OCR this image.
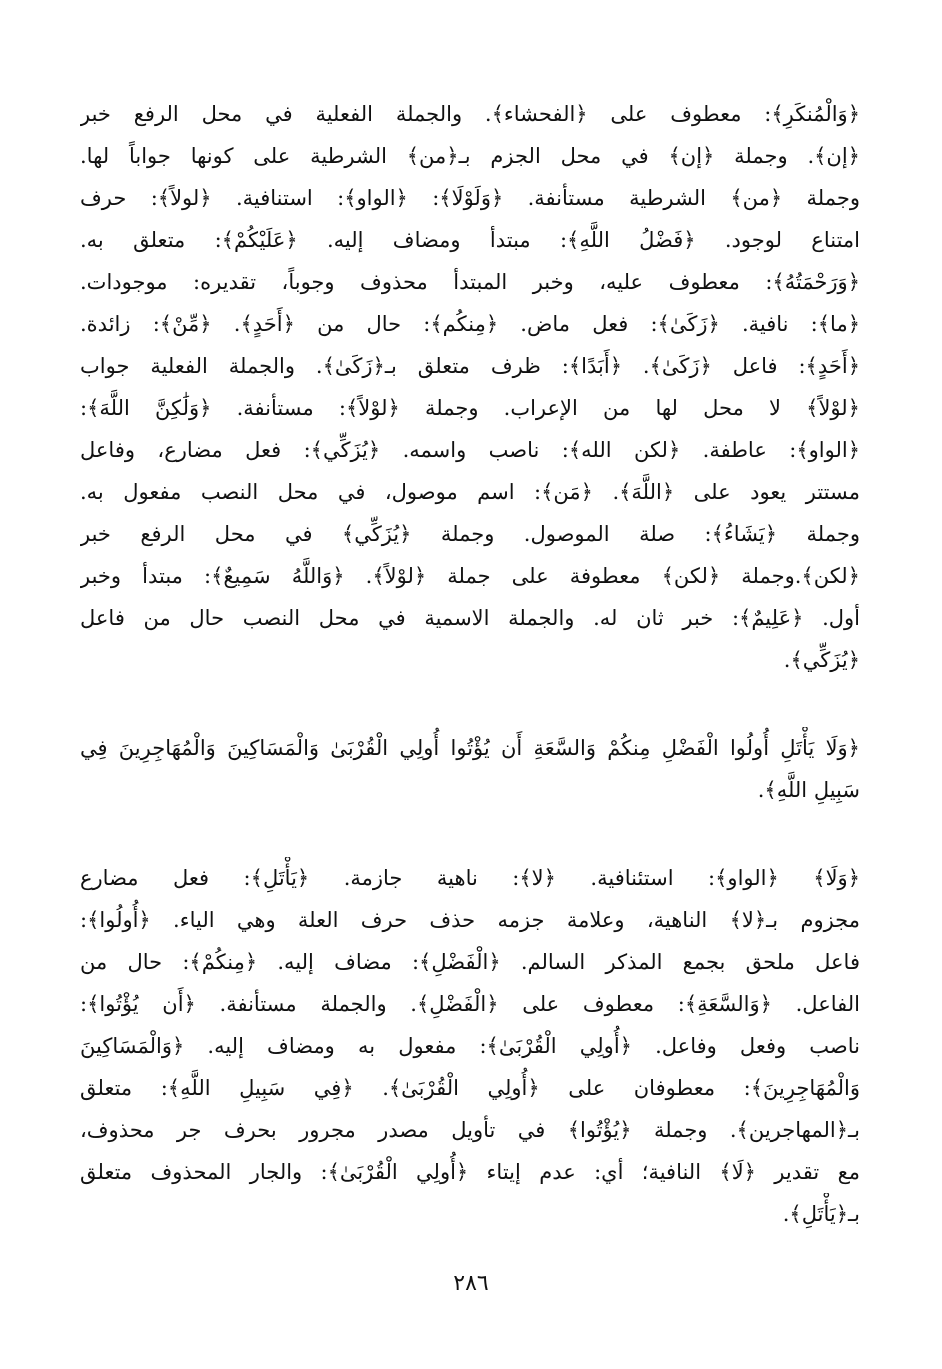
﴿وَالْمُنكَرِ﴾: معطوف على ﴿الفحشاء﴾. والجملة الفعلية في محل الرفع خبر
﴿إن﴾. وجملة ﴿إن﴾ في محل الجزم بـ﴿من﴾ الشرطية على كونها جواباً لها.
وجملة ﴿من﴾ الشرطية مستأنفة. ﴿وَلَوْلَا﴾: ﴿الواو﴾: استنافية. ﴿لولاً﴾: حرف
امتناع لوجود. ﴿فَضْلُ اللَّهِ﴾: مبتدأ ومضاف إليه. ﴿عَلَيْكُمْ﴾: متعلق به.
﴿وَرَحْمَتُهُ﴾: معطوف عليه، وخبر المبتدأ محذوف وجوباً، تقديره: موجودات.
﴿ما﴾: نافية. ﴿زَكَىٰ﴾: فعل ماض. ﴿مِنكُم﴾: حال من ﴿أَحَدٍ﴾. ﴿مِّنْ﴾: زائدة.
﴿أَحَدٍ﴾: فاعل ﴿زَكَىٰ﴾. ﴿أَبَدًا﴾: ظرف متعلق بـ﴿زَكَىٰ﴾. والجملة الفعلية جواب
﴿لوْلاً﴾ لا محل لها من الإعراب. وجملة ﴿لوْلاً﴾: مستأنفة. ﴿وَلَٰكِنَّ اللَّهَ﴾:
﴿الواو﴾: عاطفة. ﴿لكن الله﴾: ناصب واسمه. ﴿يُزَكِّي﴾: فعل مضارع، وفاعل
مستتر يعود على ﴿اللَّهَ﴾. ﴿مَن﴾: اسم موصول، في محل النصب مفعول به.
وجملة ﴿يَشَاءُ﴾: صلة الموصول. وجملة ﴿يُزَكِّي﴾ في محل الرفع خبر
﴿لكن﴾.وجملة ﴿لكن﴾ معطوفة على جملة ﴿لوْلاً﴾. ﴿وَاللَّهُ سَمِيعٌ﴾: مبتدأ وخبر
أول. ﴿عَلِيمٌ﴾: خبر ثان له. والجملة الاسمية في محل النصب حال من فاعل
﴿يُزَكِّي﴾.
﴿وَلَا يَأْتَلِ أُولُوا الْفَضْلِ مِنكُمْ وَالسَّعَةِ أَن يُؤْتُوا أُولِي الْقُرْبَىٰ وَالْمَسَاكِينَ وَالْمُهَاجِرِينَ فِي
سَبِيلِ اللَّهِ﴾.
﴿وَلَا﴾ ﴿الواو﴾: استئنافية. ﴿لا﴾: ناهية جازمة. ﴿يَأْتَلِ﴾: فعل مضارع
مجزوم بـ﴿لا﴾ الناهية، وعلامة جزمه حذف حرف العلة وهي الياء. ﴿أُولُوا﴾:
فاعل ملحق بجمع المذكر السالم. ﴿الْفَضْلِ﴾: مضاف إليه. ﴿مِنكُمْ﴾: حال من
الفاعل. ﴿وَالسَّعَةِ﴾: معطوف على ﴿الْفَضْلِ﴾. والجملة مستأنفة. ﴿أَن يُؤْتُوا﴾:
ناصب وفعل وفاعل. ﴿أُولِي الْقُرْبَىٰ﴾: مفعول به ومضاف إليه. ﴿وَالْمَسَاكِينَ
وَالْمُهَاجِرِينَ﴾: معطوفان على ﴿أُولِي الْقُرْبَىٰ﴾. ﴿فِي سَبِيلِ اللَّهِ﴾: متعلق
بـ﴿المهاجرين﴾. وجملة ﴿يُؤْتُوا﴾ في تأويل مصدر مجرور بحرف جر محذوف،
مع تقدير ﴿لَا﴾ النافية؛ أي: عدم إيتاء ﴿أُولِي الْقُرْبَىٰ﴾: والجار المحذوف متعلق
بـ﴿يَأْتَلِ﴾.
٢٨٦
